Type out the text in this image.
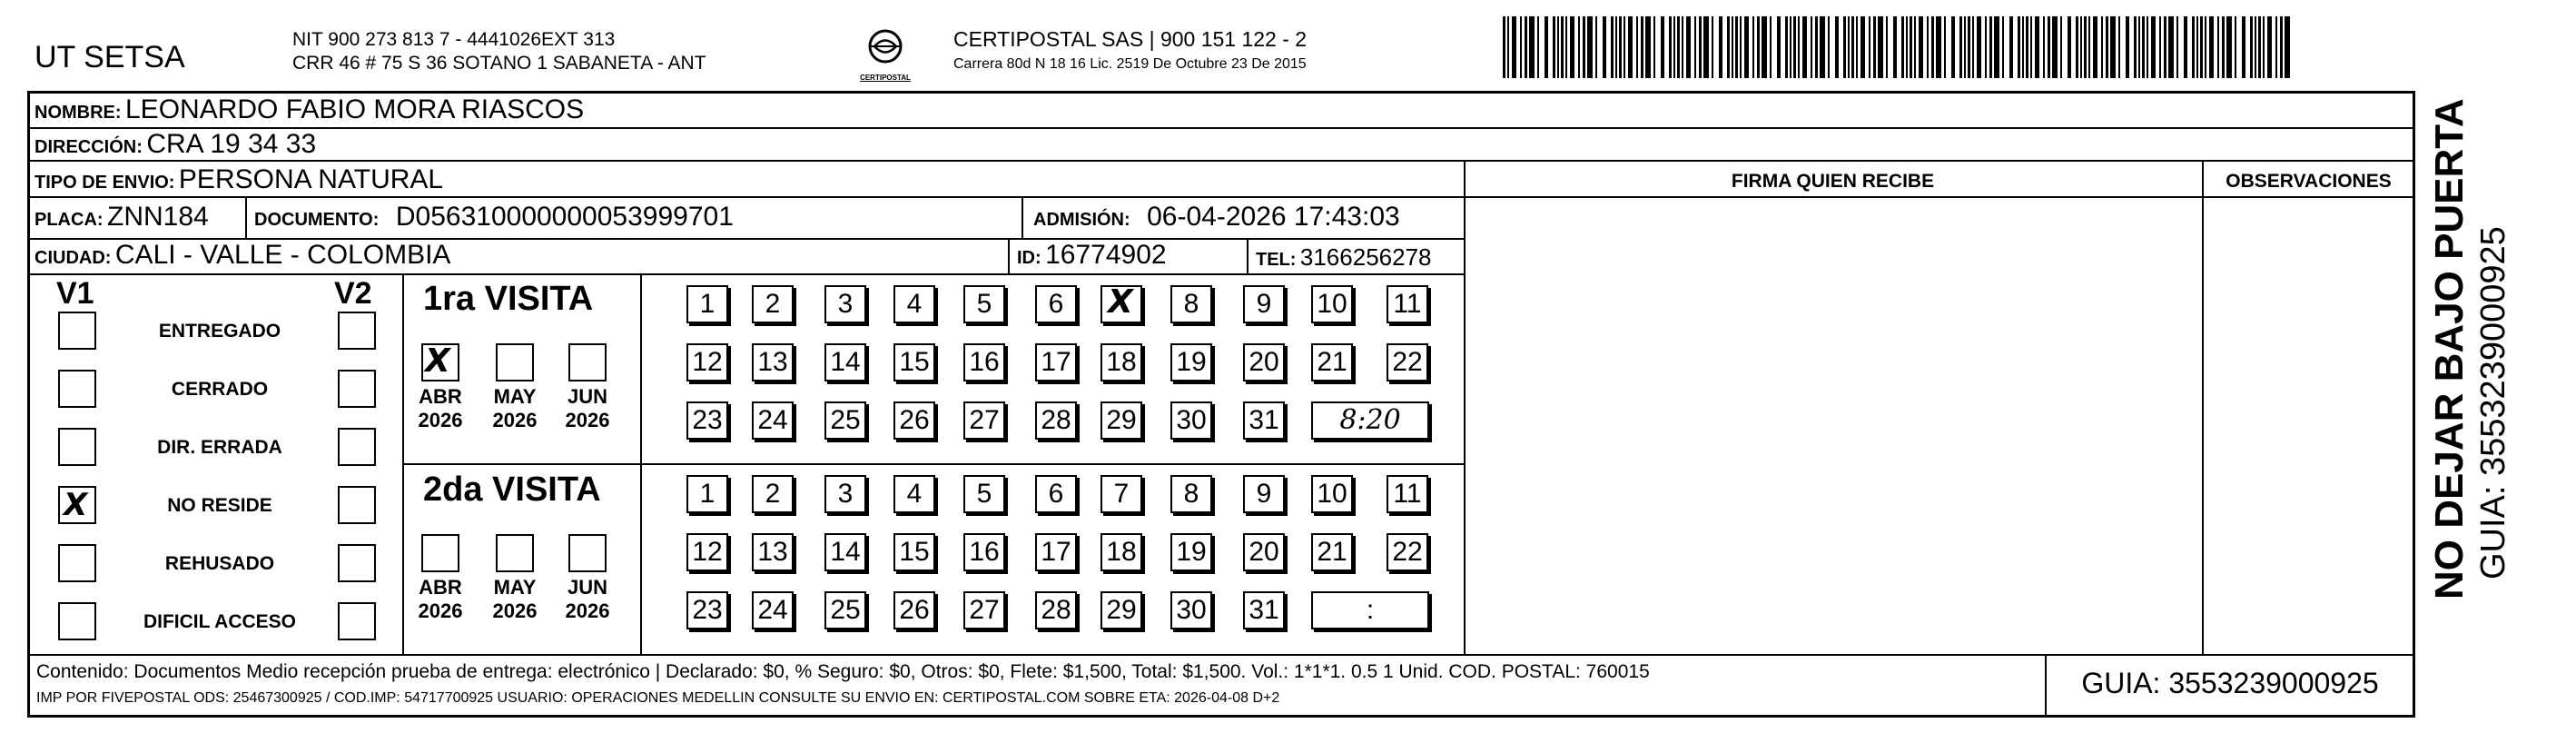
UT SETSA
NIT 900 273 813 7 - 4441026EXT 313
CRR 46 # 75 S 36 SOTANO 1 SABANETA - ANT
CERTIPOSTAL
CERTIPOSTAL SAS | 900 151 122 - 2
Carrera 80d N 18 16 Lic. 2519 De Octubre 23 De 2015
NOMBRE: LEONARDO FABIO MORA RIASCOS
DIRECCIÓN: CRA 19 34 33
TIPO DE ENVIO: PERSONA NATURAL
PLACA: ZNN184	DOCUMENTO: D056310000000053999701	ADMISIÓN: 06-04-2026 17:43:03
CIUDAD: CALI - VALLE - COLOMBIA	ID: 16774902	TEL: 3166256278
FIRMA QUIEN RECIBE	OBSERVACIONES
V1	V2
ENTREGADO
CERRADO
DIR. ERRADA
NO RESIDE
X
REHUSADO
DIFICIL ACCESO
1ra VISITA
ABR
2026
X
MAY
2026
JUN
2026
1	2	3	4	5	6	X	8	9	10 11
12 13 14 15 16 17 18 19 20 21 22
23 24 25 26 27 28 29 30 31	8:20
2da VISITA
ABR
2026
MAY
2026
JUN
2026
1	2	3	4	5	6	7	8	9	10 11
12 13 14 15 16 17 18 19 20 21 22
23 24 25 26 27 28 29 30 31	:
NO DEJAR BAJO PUERTA GUIA: 3553239000925
Contenido: Documentos Medio recepción prueba de entrega: electrónico | Declarado: $0, % Seguro: $0, Otros: $0, Flete: $1,500, Total: $1,500. Vol.: 1*1*1. 0.5 1 Unid. COD. POSTAL: 760015
IMP POR FIVEPOSTAL ODS: 25467300925 / COD.IMP: 54717700925 USUARIO: OPERACIONES MEDELLIN CONSULTE SU ENVIO EN: CERTIPOSTAL.COM SOBRE ETA: 2026-04-08 D+2	GUIA: 3553239000925
